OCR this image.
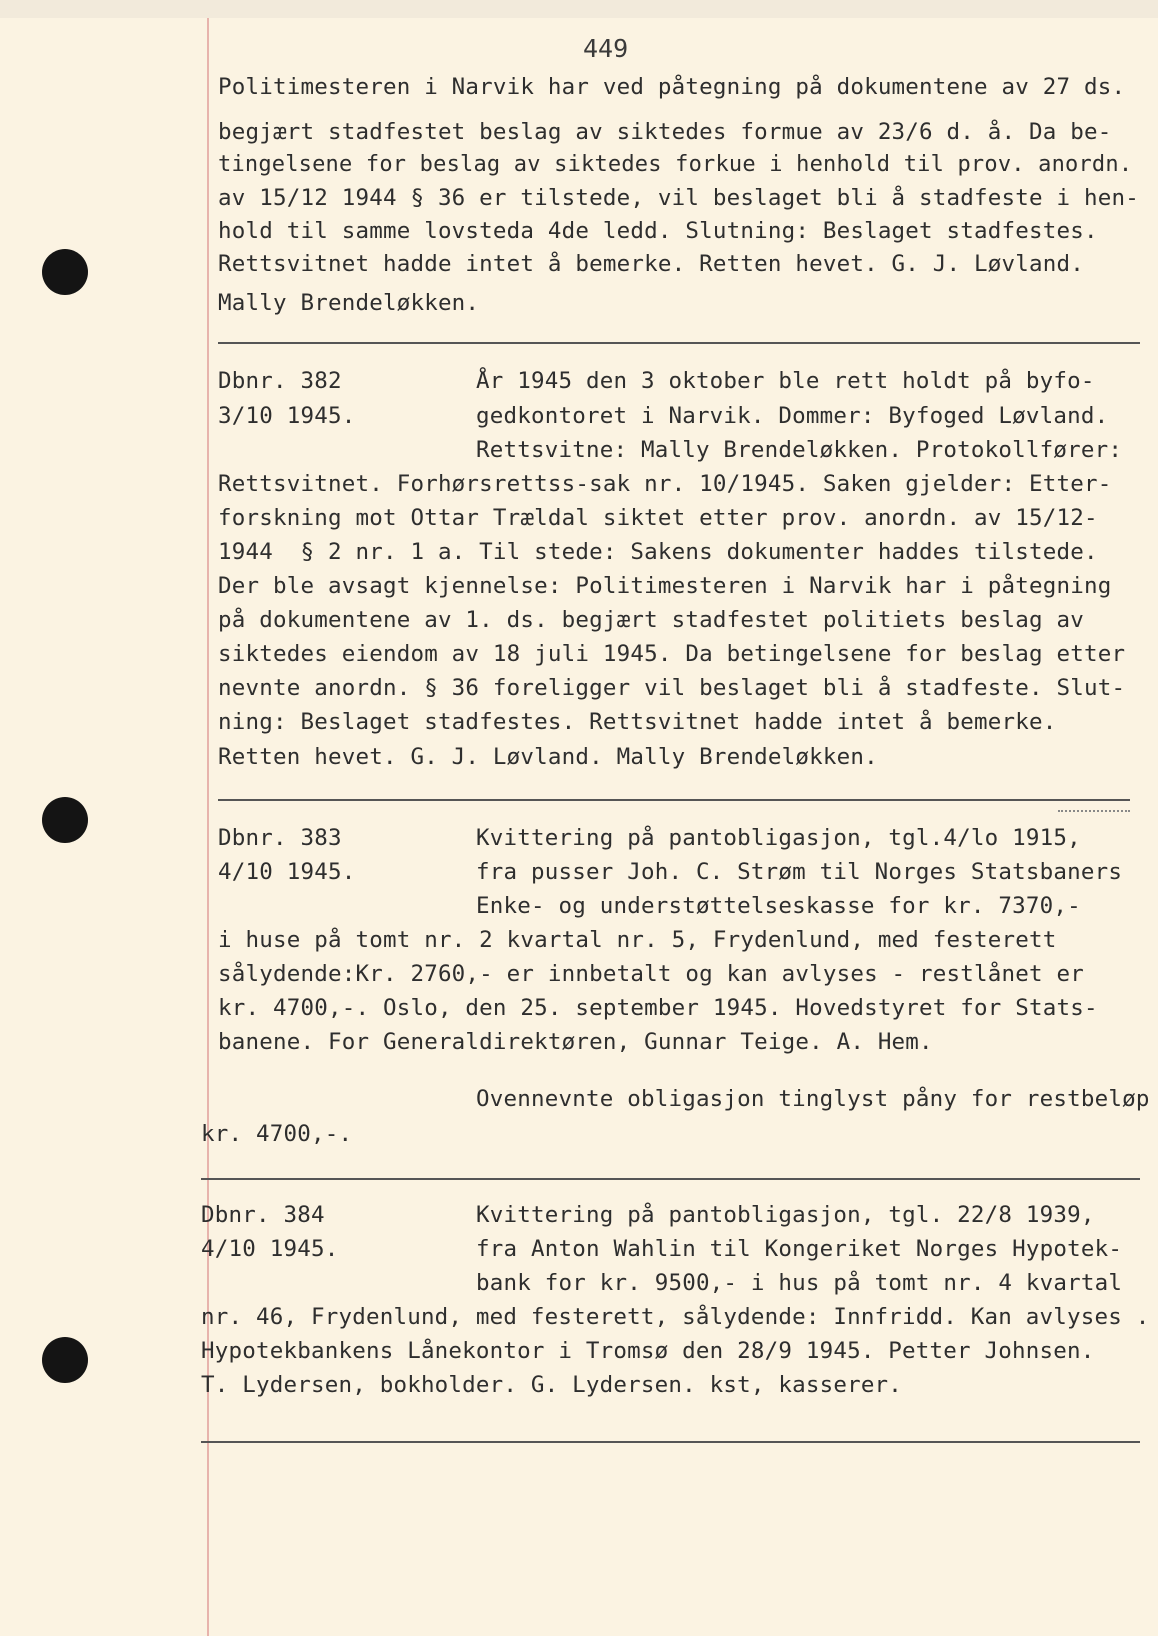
449
Politimesteren i Narvik har ved påtegning på dokumentene av 27 ds.
begjært stadfestet beslag av siktedes formue av 23/6 d. å. Da be-
tingelsene for beslag av siktedes forkue i henhold til prov. anordn.
av 15/12 1944 § 36 er tilstede, vil beslaget bli å stadfeste i hen-
hold til samme lovsteda 4de ledd. Slutning: Beslaget stadfestes.
Rettsvitnet hadde intet å bemerke. Retten hevet. G. J. Løvland.
Mally Brendeløkken.
Dbnr. 382
3/10 1945.
År 1945 den 3 oktober ble rett holdt på byfo-
gedkontoret i Narvik. Dommer: Byfoged Løvland.
Rettsvitne: Mally Brendeløkken. Protokollfører:
Rettsvitnet. Forhørsrettss-sak nr. 10/1945. Saken gjelder: Etter-
forskning mot Ottar Trældal siktet etter prov. anordn. av 15/12-
1944  § 2 nr. 1 a. Til stede: Sakens dokumenter haddes tilstede.
Der ble avsagt kjennelse: Politimesteren i Narvik har i påtegning
på dokumentene av 1. ds. begjært stadfestet politiets beslag av
siktedes eiendom av 18 juli 1945. Da betingelsene for beslag etter
nevnte anordn. § 36 foreligger vil beslaget bli å stadfeste. Slut-
ning: Beslaget stadfestes. Rettsvitnet hadde intet å bemerke.
Retten hevet. G. J. Løvland. Mally Brendeløkken.
Dbnr. 383
4/10 1945.
Kvittering på pantobligasjon, tgl.4/lo 1915,
fra pusser Joh. C. Strøm til Norges Statsbaners
Enke- og understøttelseskasse for kr. 7370,-
i huse på tomt nr. 2 kvartal nr. 5, Frydenlund, med festerett
sålydende:Kr. 2760,- er innbetalt og kan avlyses - restlånet er
kr. 4700,-. Oslo, den 25. september 1945. Hovedstyret for Stats-
banene. For Generaldirektøren, Gunnar Teige. A. Hem.
Ovennevnte obligasjon tinglyst påny for restbeløp
kr. 4700,-.
Dbnr. 384
4/10 1945.
Kvittering på pantobligasjon, tgl. 22/8 1939,
fra Anton Wahlin til Kongeriket Norges Hypotek-
bank for kr. 9500,- i hus på tomt nr. 4 kvartal
nr. 46, Frydenlund, med festerett, sålydende: Innfridd. Kan avlyses .
Hypotekbankens Lånekontor i Tromsø den 28/9 1945. Petter Johnsen.
T. Lydersen, bokholder. G. Lydersen. kst, kasserer.
